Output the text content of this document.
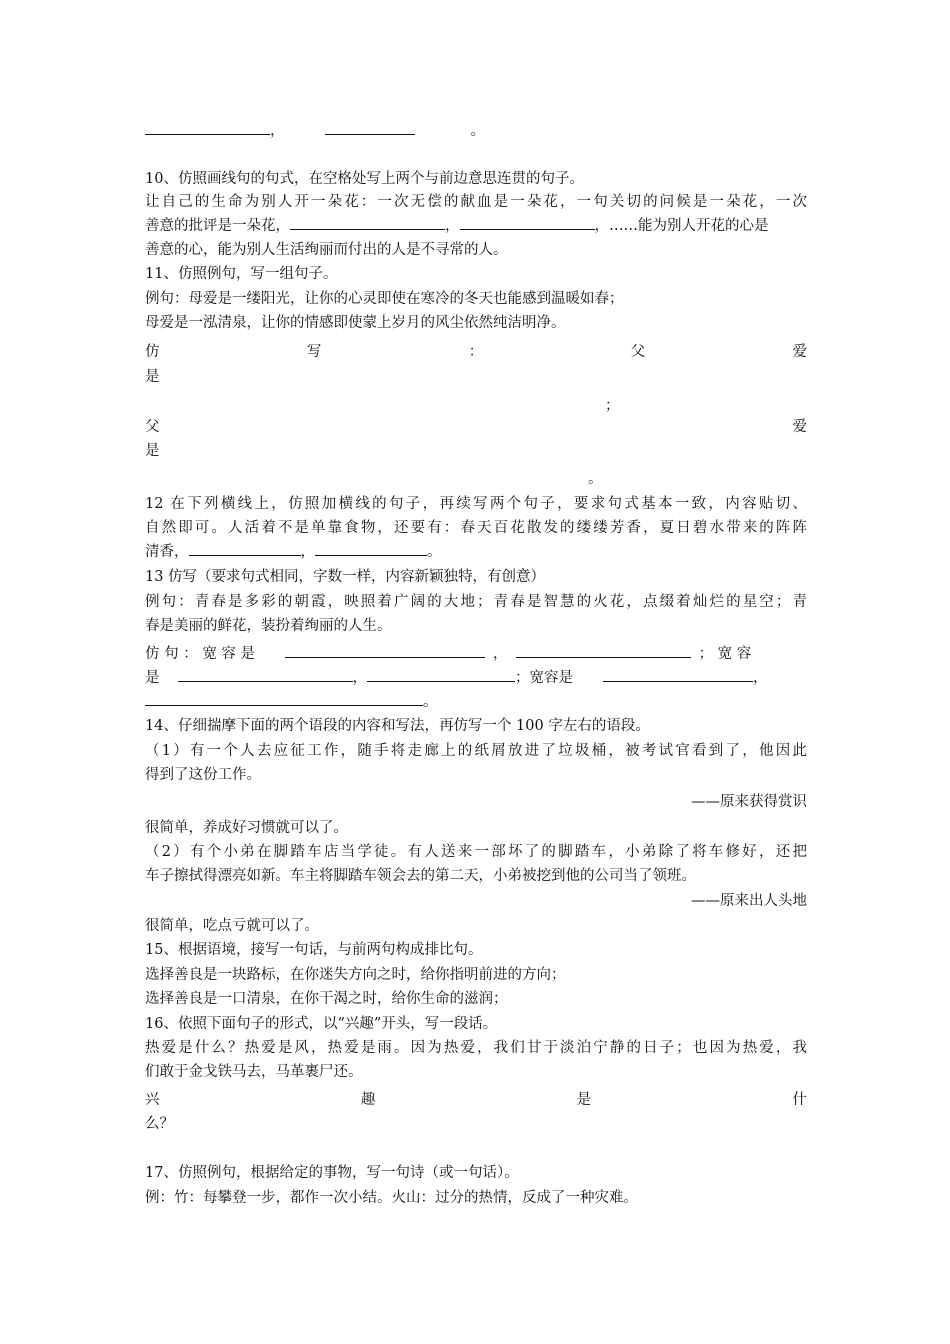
，	。
10、仿照画线句的句式，在空格处写上两个与前边意思连贯的句子。
让自己的生命为别人开一朵花：一次无偿的献血是一朵花，一句关切的问候是一朵花，一次
善意的批评是一朵花，	，	，……能为别人开花的心是
善意的心，能为别人生活绚丽而付出的人是不寻常的人。
11、仿照例句，写一组句子。
例句：母爱是一缕阳光，让你的心灵即使在寒冷的冬天也能感到温暖如春；
母爱是一泓清泉，让你的情感即使蒙上岁月的风尘依然纯洁明净。
仿	写	：	父	爱
是
；
父	爱
是
。
12 在下列横线上，仿照加横线的句子，再续写两个句子，要求句式基本一致，内容贴切、
自然即可。人活着不是单靠食物，还要有：春天百花散发的缕缕芳香，夏日碧水带来的阵阵
清香，	，	。
13 仿写（要求句式相同，字数一样，内容新颖独特，有创意）
例句：青春是多彩的朝霞，映照着广阔的大地；青春是智慧的火花，点缀着灿烂的星空；青
春是美丽的鲜花，装扮着绚丽的人生。
仿 句 ： 宽 容 是	，	； 宽 容
是	，	；宽容是	，
。
14、仔细揣摩下面的两个语段的内容和写法，再仿写一个 100 字左右的语段。
（1）有一个人去应征工作，随手将走廊上的纸屑放进了垃圾桶，被考试官看到了，他因此
得到了这份工作。
——原来获得赏识
很简单，养成好习惯就可以了。
（2）有个小弟在脚踏车店当学徒。有人送来一部坏了的脚踏车，小弟除了将车修好，还把
车子擦拭得漂亮如新。车主将脚踏车领会去的第二天，小弟被挖到他的公司当了领班。
——原来出人头地
很简单，吃点亏就可以了。
15、根据语境，接写一句话，与前两句构成排比句。
选择善良是一块路标，在你迷失方向之时，给你指明前进的方向；
选择善良是一口清泉，在你干渴之时，给你生命的滋润；
16、依照下面句子的形式，以“兴趣”开头，写一段话。
热爱是什么？热爱是风，热爱是雨。因为热爱，我们甘于淡泊宁静的日子；也因为热爱，我
们敢于金戈铁马去，马革裹尸还。
兴	趣	是	什
么？
17、仿照例句，根据给定的事物，写一句诗（或一句话）。
例：竹：每攀登一步，都作一次小结。火山：过分的热情，反成了一种灾难。
